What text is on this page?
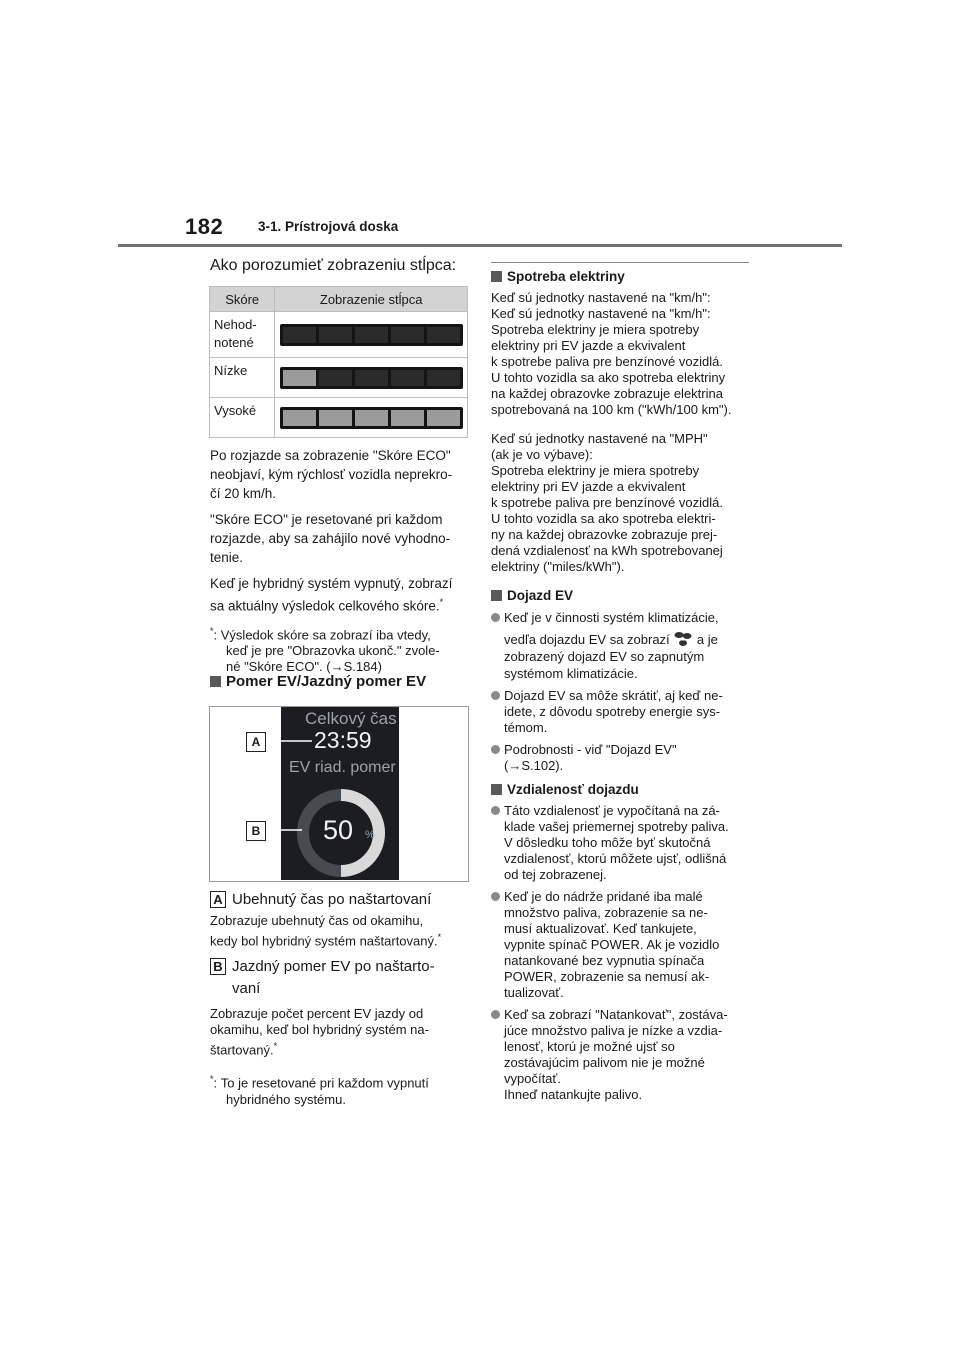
182	3-1. Prístrojová doska
Ako porozumieť zobrazeniu stĺpca:
Skóre	Zobrazenie stĺpca
Nehod-
notené	

Nízke	

Vysoké	

Po rozjazde sa zobrazenie "Skóre ECO"
neobjaví, kým rýchlosť vozidla neprekro-
čí 20 km/h.

"Skóre ECO" je resetované pri každom
rozjazde, aby sa zahájilo nové vyhodno-
tenie.

Keď je hybridný systém vypnutý, zobrazí
sa aktuálny výsledok celkového skóre.*

*: Výsledok skóre sa zobrazí iba vtedy,
keď je pre "Obrazovka ukonč." zvole-
né "Skóre ECO". (→S.184)

Pomer EV/Jazdný pomer EV
Celkový čas
23:59
EV riad. pomer
50 %
A
B
A Ubehnutý čas po naštartovaní

Zobrazuje ubehnutý čas od okamihu,
kedy bol hybridný systém naštartovaný.*

B Jazdný pomer EV po naštarto-
vaní

Zobrazuje počet percent EV jazdy od
okamihu, keď bol hybridný systém na-
štartovaný.*

*: To je resetované pri každom vypnutí
hybridného systému.

Spotreba elektriny

Keď sú jednotky nastavené na "km/h":
Keď sú jednotky nastavené na "km/h":
Spotreba elektriny je miera spotreby
elektriny pri EV jazde a ekvivalent
k spotrebe paliva pre benzínové vozidlá.
U tohto vozidla sa ako spotreba elektriny
na každej obrazovke zobrazuje elektrina
spotrebovaná na 100 km ("kWh/100 km").

Keď sú jednotky nastavené na "MPH"
(ak je vo výbave):
Spotreba elektriny je miera spotreby
elektriny pri EV jazde a ekvivalent
k spotrebe paliva pre benzínové vozidlá.
U tohto vozidla sa ako spotreba elektri-
ny na každej obrazovke zobrazuje prej-
dená vzdialenosť na kWh spotrebovanej
elektriny ("miles/kWh").

Dojazd EV
Keď je v činnosti systém klimatizácie,

vedľa dojazdu EV sa zobrazí a je
zobrazený dojazd EV so zapnutým
systémom klimatizácie.
Dojazd EV sa môže skrátiť, aj keď ne-
idete, z dôvodu spotreby energie sys-
témom.
Podrobnosti - viď "Dojazd EV"
(→S.102).
Vzdialenosť dojazdu
Táto vzdialenosť je vypočítaná na zá-
klade vašej priemernej spotreby paliva.
V dôsledku toho môže byť skutočná
vzdialenosť, ktorú môžete ujsť, odlišná
od tej zobrazenej.
Keď je do nádrže pridané iba malé
množstvo paliva, zobrazenie sa ne-
musí aktualizovať. Keď tankujete,
vypnite spínač POWER. Ak je vozidlo
natankované bez vypnutia spínača
POWER, zobrazenie sa nemusí ak-
tualizovať.
Keď sa zobrazí "Natankovať", zostáva-
júce množstvo paliva je nízke a vzdia-
lenosť, ktorú je možné ujsť so
zostávajúcim palivom nie je možné
vypočítať.
Ihneď natankujte palivo.
